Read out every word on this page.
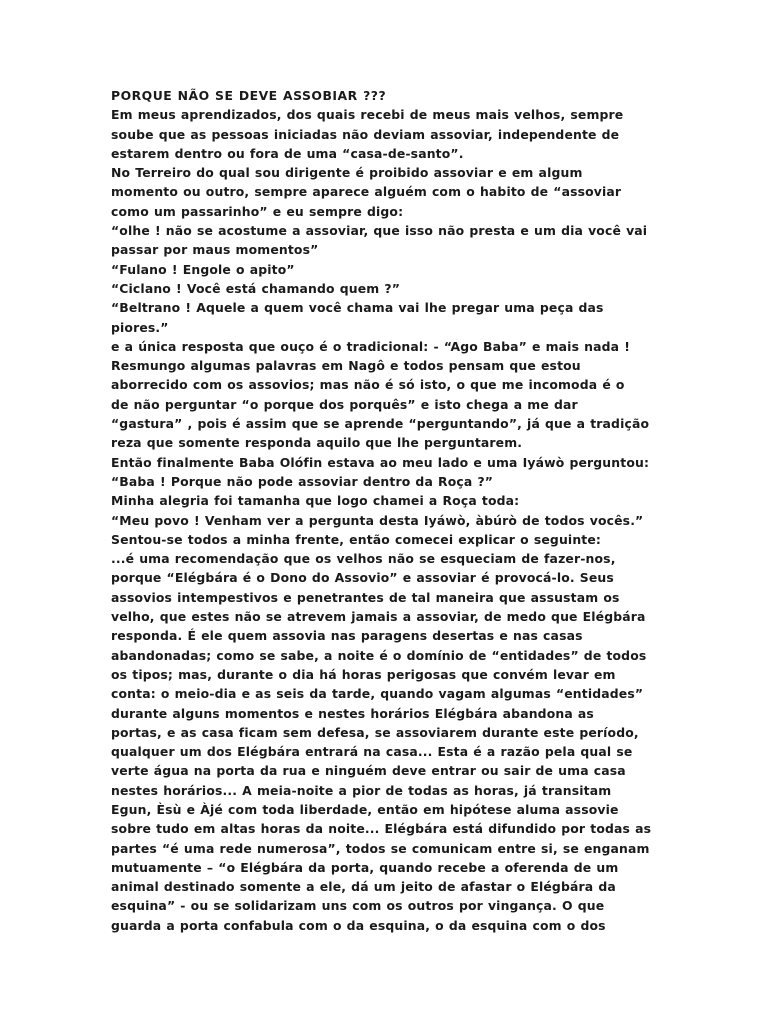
PORQUE NÃO SE DEVE ASSOBIAR ???
Em meus aprendizados, dos quais recebi de meus mais velhos, sempre
soube que as pessoas iniciadas não deviam assoviar, independente de
estarem dentro ou fora de uma “casa-de-santo”.
No Terreiro do qual sou dirigente é proibido assoviar e em algum
momento ou outro, sempre aparece alguém com o habito de “assoviar
como um passarinho” e eu sempre digo:
“olhe ! não se acostume a assoviar, que isso não presta e um dia você vai
passar por maus momentos”
“Fulano ! Engole o apito”
“Ciclano ! Você está chamando quem ?”
“Beltrano ! Aquele a quem você chama vai lhe pregar uma peça das
piores.”
e a única resposta que ouço é o tradicional: - “Ago Baba” e mais nada !
Resmungo algumas palavras em Nagô e todos pensam que estou
aborrecido com os assovios; mas não é só isto, o que me incomoda é o
de não perguntar “o porque dos porquês” e isto chega a me dar
“gastura” , pois é assim que se aprende “perguntando”, já que a tradição
reza que somente responda aquilo que lhe perguntarem.
Então finalmente Baba Olófin estava ao meu lado e uma Iyáwò perguntou:
“Baba ! Porque não pode assoviar dentro da Roça ?”
Minha alegria foi tamanha que logo chamei a Roça toda:
“Meu povo ! Venham ver a pergunta desta Iyáwò, àbúrò de todos vocês.”
Sentou-se todos a minha frente, então comecei explicar o seguinte:
...é uma recomendação que os velhos não se esqueciam de fazer-nos,
porque “Elégbára é o Dono do Assovio” e assoviar é provocá-lo. Seus
assovios intempestivos e penetrantes de tal maneira que assustam os
velho, que estes não se atrevem jamais a assoviar, de medo que Elégbára
responda. É ele quem assovia nas paragens desertas e nas casas
abandonadas; como se sabe, a noite é o domínio de “entidades” de todos
os tipos; mas, durante o dia há horas perigosas que convém levar em
conta: o meio-dia e as seis da tarde, quando vagam algumas “entidades”
durante alguns momentos e nestes horários Elégbára abandona as
portas, e as casa ficam sem defesa, se assoviarem durante este período,
qualquer um dos Elégbára entrará na casa... Esta é a razão pela qual se
verte água na porta da rua e ninguém deve entrar ou sair de uma casa
nestes horários... A meia-noite a pior de todas as horas, já transitam
Egun, Èsù e Àjé com toda liberdade, então em hipótese aluma assovie
sobre tudo em altas horas da noite... Elégbára está difundido por todas as
partes “é uma rede numerosa”, todos se comunicam entre si, se enganam
mutuamente – “o Elégbára da porta, quando recebe a oferenda de um
animal destinado somente a ele, dá um jeito de afastar o Elégbára da
esquina” - ou se solidarizam uns com os outros por vingança. O que
guarda a porta confabula com o da esquina, o da esquina com o dos
